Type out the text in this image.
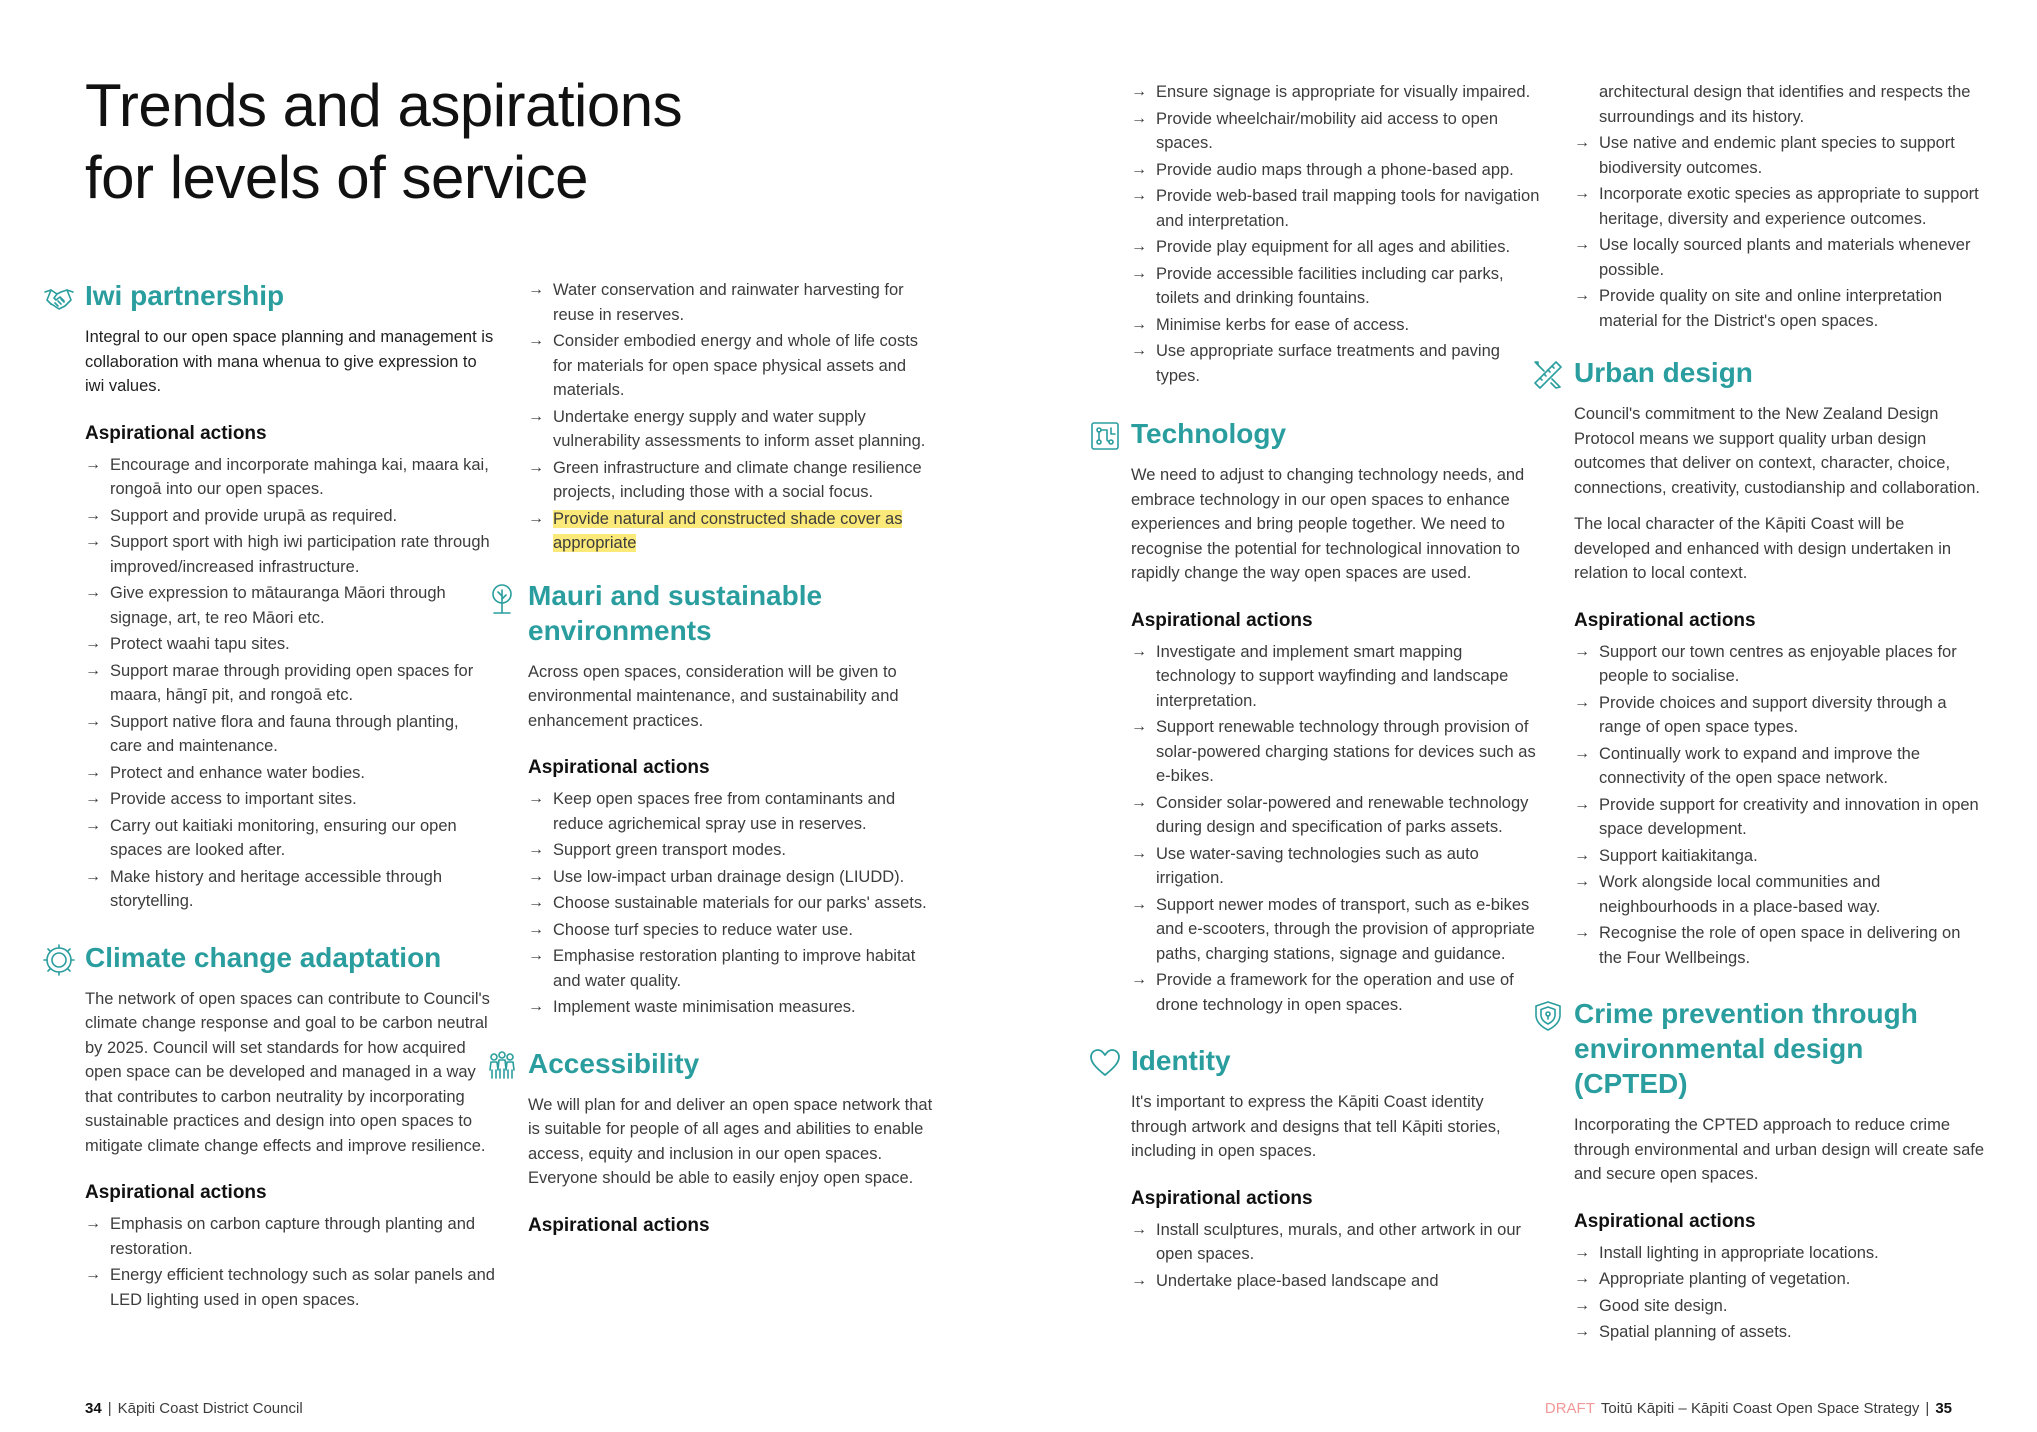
Trends and aspirations
for levels of service
Iwi partnership

Integral to our open space planning and management is collaboration with mana whenua to give expression to iwi values.

Aspirational actions
→ Encourage and incorporate mahinga kai, maara kai, rongoā into our open spaces.
→ Support and provide urupā as required.
→ Support sport with high iwi participation rate through improved/increased infrastructure.
→ Give expression to mātauranga Māori through signage, art, te reo Māori etc.
→ Protect waahi tapu sites.
→ Support marae through providing open spaces for maara, hāngī pit, and rongoā etc.
→ Support native flora and fauna through planting, care and maintenance.
→ Protect and enhance water bodies.
→ Provide access to important sites.
→ Carry out kaitiaki monitoring, ensuring our open spaces are looked after.
→ Make history and heritage accessible through storytelling.
Climate change adaptation

The network of open spaces can contribute to Council's climate change response and goal to be carbon neutral by 2025. Council will set standards for how acquired open space can be developed and managed in a way that contributes to carbon neutrality by incorporating sustainable practices and design into open spaces to mitigate climate change effects and improve resilience.

Aspirational actions
→ Emphasis on carbon capture through planting and restoration.
→ Energy efficient technology such as solar panels and LED lighting used in open spaces.
→ Water conservation and rainwater harvesting for reuse in reserves.
→ Consider embodied energy and whole of life costs for materials for open space physical assets and materials.
→ Undertake energy supply and water supply vulnerability assessments to inform asset planning.
→ Green infrastructure and climate change resilience projects, including those with a social focus.
→ Provide natural and constructed shade cover as appropriate
Mauri and sustainable environments

Across open spaces, consideration will be given to environmental maintenance, and sustainability and enhancement practices.

Aspirational actions
→ Keep open spaces free from contaminants and reduce agrichemical spray use in reserves.
→ Support green transport modes.
→ Use low-impact urban drainage design (LIUDD).
→ Choose sustainable materials for our parks' assets.
→ Choose turf species to reduce water use.
→ Emphasise restoration planting to improve habitat and water quality.
→ Implement waste minimisation measures.
Accessibility

We will plan for and deliver an open space network that is suitable for people of all ages and abilities to enable access, equity and inclusion in our open spaces. Everyone should be able to easily enjoy open space.

Aspirational actions
→ Ensure signage is appropriate for visually impaired.
→ Provide wheelchair/mobility aid access to open spaces.
→ Provide audio maps through a phone-based app.
→ Provide web-based trail mapping tools for navigation and interpretation.
→ Provide play equipment for all ages and abilities.
→ Provide accessible facilities including car parks, toilets and drinking fountains.
→ Minimise kerbs for ease of access.
→ Use appropriate surface treatments and paving types.
Technology

We need to adjust to changing technology needs, and embrace technology in our open spaces to enhance experiences and bring people together. We need to recognise the potential for technological innovation to rapidly change the way open spaces are used.

Aspirational actions
→ Investigate and implement smart mapping technology to support wayfinding and landscape interpretation.
→ Support renewable technology through provision of solar-powered charging stations for devices such as e-bikes.
→ Consider solar-powered and renewable technology during design and specification of parks assets.
→ Use water-saving technologies such as auto irrigation.
→ Support newer modes of transport, such as e-bikes and e-scooters, through the provision of appropriate paths, charging stations, signage and guidance.
→ Provide a framework for the operation and use of drone technology in open spaces.
Identity

It's important to express the Kāpiti Coast identity through artwork and designs that tell Kāpiti stories, including in open spaces.

Aspirational actions
→ Install sculptures, murals, and other artwork in our open spaces.
→ Undertake place-based landscape and

architectural design that identifies and respects the surroundings and its history.

→ Use native and endemic plant species to support biodiversity outcomes.
→ Incorporate exotic species as appropriate to support heritage, diversity and experience outcomes.
→ Use locally sourced plants and materials whenever possible.
→ Provide quality on site and online interpretation material for the District's open spaces.
Urban design

Council's commitment to the New Zealand Design Protocol means we support quality urban design outcomes that deliver on context, character, choice, connections, creativity, custodianship and collaboration.

The local character of the Kāpiti Coast will be developed and enhanced with design undertaken in relation to local context.

Aspirational actions
→ Support our town centres as enjoyable places for people to socialise.
→ Provide choices and support diversity through a range of open space types.
→ Continually work to expand and improve the connectivity of the open space network.
→ Provide support for creativity and innovation in open space development.
→ Support kaitiakitanga.
→ Work alongside local communities and neighbourhoods in a place-based way.
→ Recognise the role of open space in delivering on the Four Wellbeings.
Crime prevention through environmental design (CPTED)

Incorporating the CPTED approach to reduce crime through environmental and urban design will create safe and secure open spaces.

Aspirational actions
→ Install lighting in appropriate locations.
→ Appropriate planting of vegetation.
→ Good site design.
→ Spatial planning of assets.
34 | Kāpiti Coast District Council	DRAFT Toitū Kāpiti – Kāpiti Coast Open Space Strategy | 35
